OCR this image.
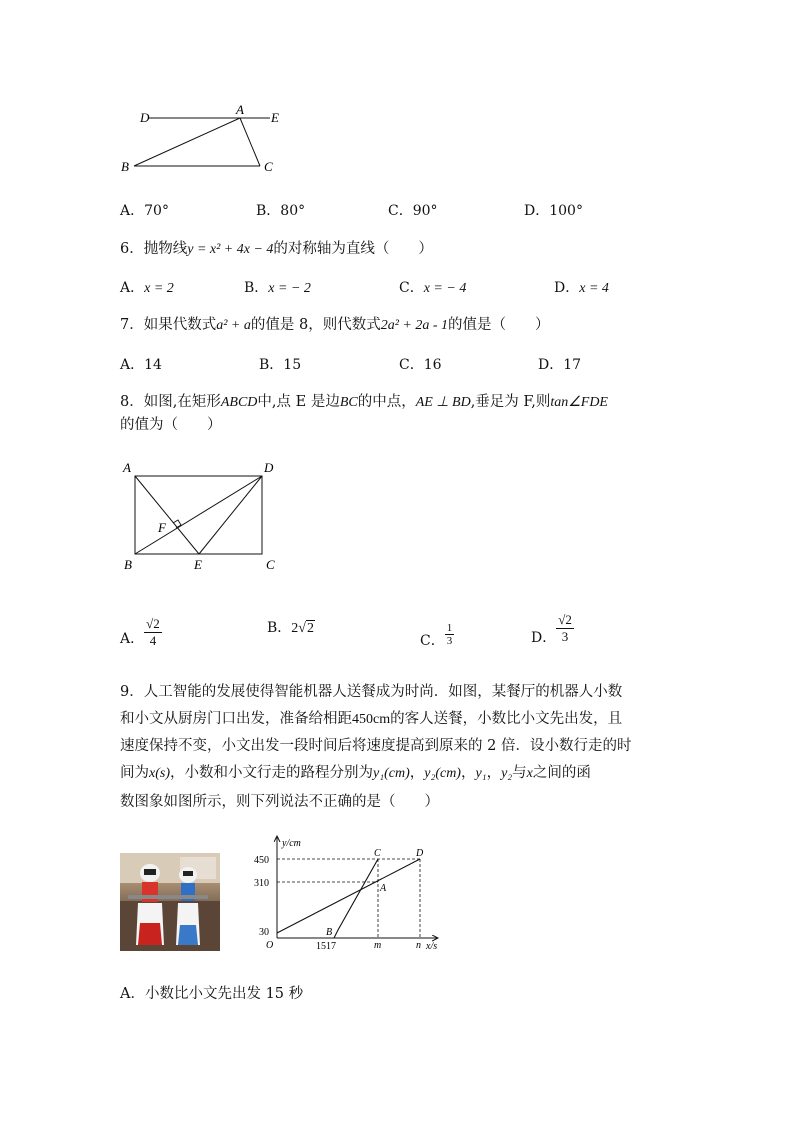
D
A
E
B	C
A．70°	B．80°	C．90°	D．100°
6．抛物线y = x² + 4x − 4的对称轴为直线（　　）
A．x = 2	B．x = − 2	C．x = − 4	D．x = 4
7．如果代数式a² + a的值是 8，则代数式2a² + 2a - 1的值是（　　）
A．14	B．15	C．16	D．17
8．如图,在矩形ABCD中,点 E 是边BC的中点，AE ⊥ BD,垂足为 F,则tan∠FDE
的值为（　　）
A	D
F
B	E	C
A． $\frac{√2}{4}$	B．2√2
C． $\frac{1}{3}$	D． $\frac{√2}{3}$
9．人工智能的发展使得智能机器人送餐成为时尚．如图，某餐厅的机器人小数
和小文从厨房门口出发，准备给相距450cm的客人送餐，小数比小文先出发，且
速度保持不变，小文出发一段时间后将速度提高到原来的 2 倍．设小数行走的时
间为x(s)，小数和小文行走的路程分别为y₁(cm)，y₂(cm)，y₁，y₂与x之间的函
数图象如图所示，则下列说法不正确的是（　　）
450
310
30
O	1517	m	n
y/cm
x/s
C	D
A
B
A．小数比小文先出发 15 秒
